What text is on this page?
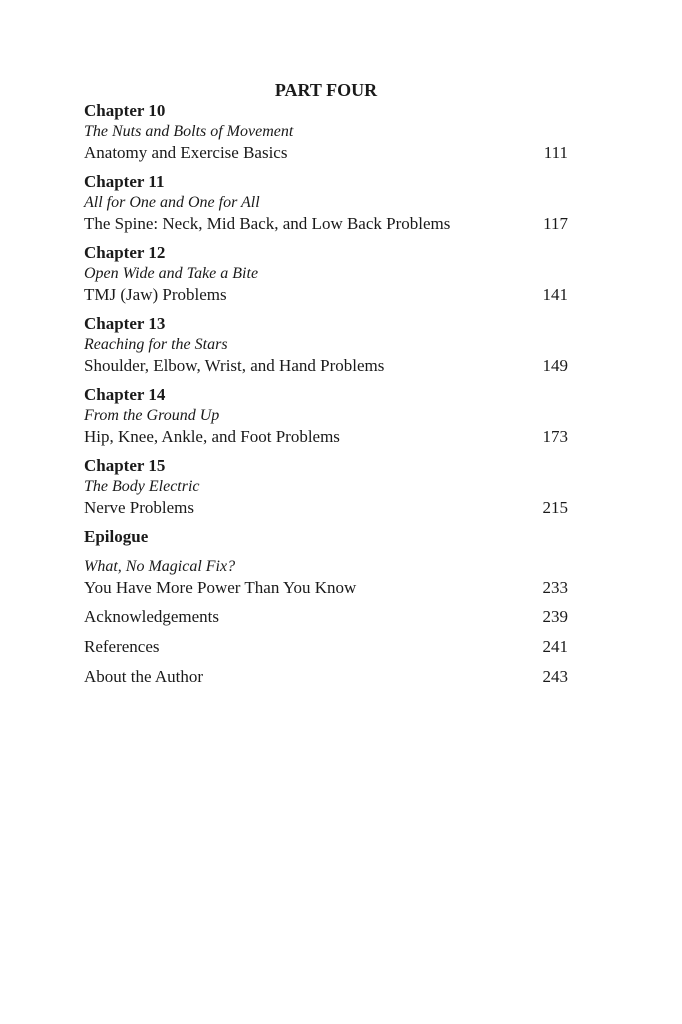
PART FOUR
Chapter 10
The Nuts and Bolts of Movement
Anatomy and Exercise Basics	111
Chapter 11
All for One and One for All
The Spine: Neck, Mid Back, and Low Back Problems	117
Chapter 12
Open Wide and Take a Bite
TMJ (Jaw) Problems	141
Chapter 13
Reaching for the Stars
Shoulder, Elbow, Wrist, and Hand Problems	149
Chapter 14
From the Ground Up
Hip, Knee, Ankle, and Foot Problems	173
Chapter 15
The Body Electric
Nerve Problems	215
Epilogue
What, No Magical Fix?
You Have More Power Than You Know	233
Acknowledgements	239
References	241
About the Author	243
